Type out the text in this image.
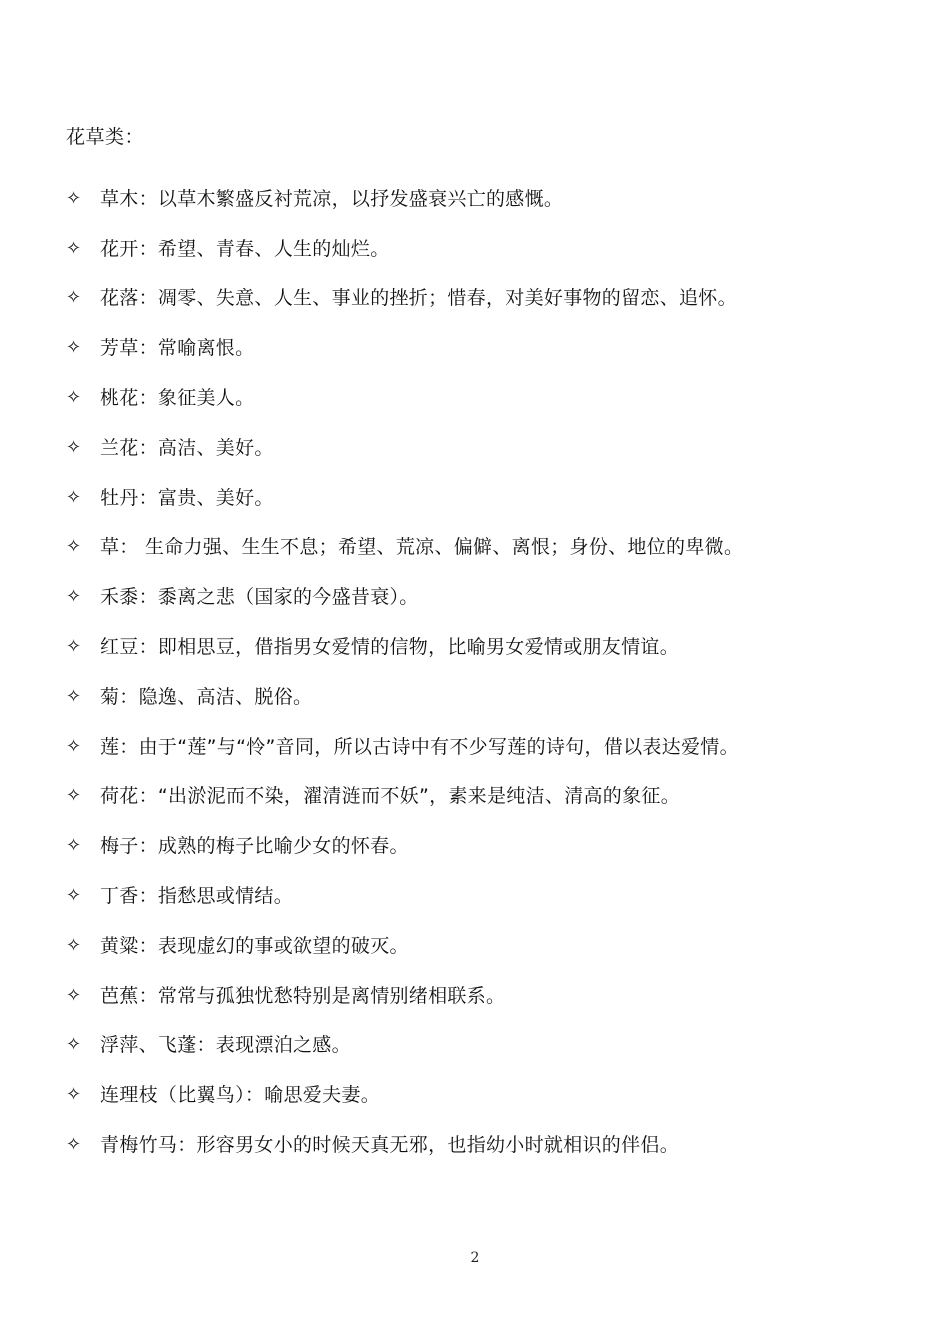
花草类：
✧ 草木：以草木繁盛反衬荒凉，以抒发盛衰兴亡的感慨。
✧ 花开：希望、青春、人生的灿烂。
✧ 花落：凋零、失意、人生、事业的挫折；惜春，对美好事物的留恋、追怀。
✧ 芳草：常喻离恨。
✧ 桃花：象征美人。
✧ 兰花：高洁、美好。
✧ 牡丹：富贵、美好。
✧ 草： 生命力强、生生不息；希望、荒凉、偏僻、离恨；身份、地位的卑微。
✧ 禾黍：黍离之悲（国家的今盛昔衰）。
✧ 红豆：即相思豆，借指男女爱情的信物，比喻男女爱情或朋友情谊。
✧ 菊：隐逸、高洁、脱俗。
✧ 莲：由于“莲”与“怜”音同，所以古诗中有不少写莲的诗句，借以表达爱情。
✧ 荷花：“出淤泥而不染，濯清涟而不妖”，素来是纯洁、清高的象征。
✧ 梅子：成熟的梅子比喻少女的怀春。
✧ 丁香：指愁思或情结。
✧ 黄粱：表现虚幻的事或欲望的破灭。
✧ 芭蕉：常常与孤独忧愁特别是离情别绪相联系。
✧ 浮萍、飞蓬：表现漂泊之感。
✧ 连理枝（比翼鸟）：喻思爱夫妻。
✧ 青梅竹马：形容男女小的时候天真无邪，也指幼小时就相识的伴侣。
2
